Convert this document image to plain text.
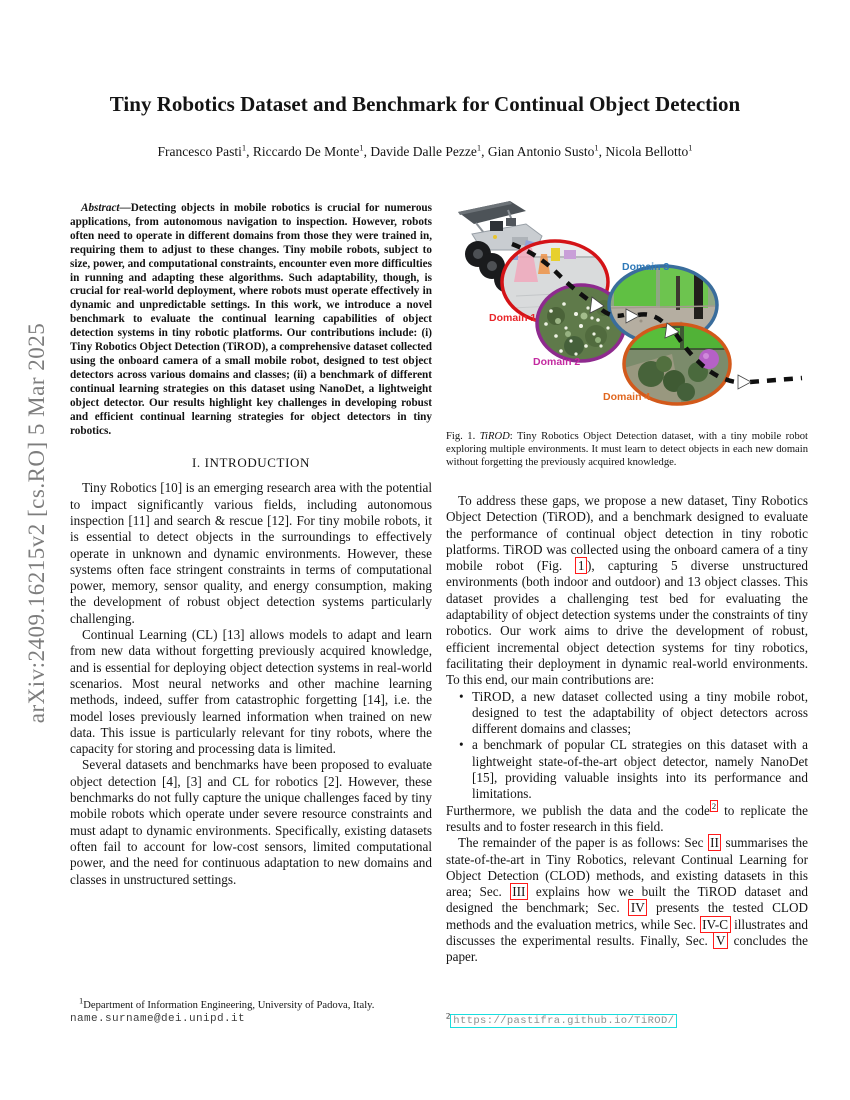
arXiv:2409.16215v2 [cs.RO] 5 Mar 2025
Tiny Robotics Dataset and Benchmark for Continual Object Detection
Francesco Pasti$^1$, Riccardo De Monte$^1$, Davide Dalle Pezze$^1$, Gian Antonio Susto$^1$, Nicola Bellotto$^1$

Abstract—Detecting objects in mobile robotics is crucial for numerous applications, from autonomous navigation to inspection. However, robots often need to operate in different domains from those they were trained in, requiring them to adjust to these changes. Tiny mobile robots, subject to size, power, and computational constraints, encounter even more difficulties in running and adapting these algorithms. Such adaptability, though, is crucial for real-world deployment, where robots must operate effectively in dynamic and unpredictable settings. In this work, we introduce a novel benchmark to evaluate the continual learning capabilities of object detection systems in tiny robotic platforms. Our contributions include: (i) Tiny Robotics Object Detection (TiROD), a comprehensive dataset collected using the onboard camera of a small mobile robot, designed to test object detectors across various domains and classes; (ii) a benchmark of different continual learning strategies on this dataset using NanoDet, a lightweight object detector. Our results highlight key challenges in developing robust and efficient continual learning strategies for object detectors in tiny robotics.

I. INTRODUCTION

Tiny Robotics [10] is an emerging research area with the potential to impact significantly various fields, including autonomous inspection [11] and search & rescue [12]. For tiny mobile robots, it is essential to detect objects in the surroundings to effectively operate in unknown and dynamic environments. However, these systems often face stringent constraints in terms of computational power, memory, sensor quality, and energy consumption, making the development of robust object detection systems particularly challenging.

Continual Learning (CL) [13] allows models to adapt and learn from new data without forgetting previously acquired knowledge, and is essential for deploying object detection systems in real-world scenarios. Most neural networks and other machine learning methods, indeed, suffer from catastrophic forgetting [14], i.e. the model loses previously learned information when trained on new data. This issue is particularly relevant for tiny robots, where the capacity for storing and processing data is limited.

Several datasets and benchmarks have been proposed to evaluate object detection [4], [3] and CL for robotics [2]. However, these benchmarks do not fully capture the unique challenges faced by tiny mobile robots which operate under severe resource constraints and must adapt to dynamic environments. Specifically, existing datasets often fail to account for low-cost sensors, limited computational power, and the need for continuous adaptation to new domains and classes in unstructured settings.

$^1$Department of Information Engineering, University of Padova, Italy.

name.surname@dei.unipd.it
Domain 1
Domain 2
Domain 3
Domain 4
Fig. 1. TiROD: Tiny Robotics Object Detection dataset, with a tiny mobile robot exploring multiple environments. It must learn to detect objects in each new domain without forgetting the previously acquired knowledge.

To address these gaps, we propose a new dataset, Tiny Robotics Object Detection (TiROD), and a benchmark designed to evaluate the performance of continual object detection in tiny robotic platforms. TiROD was collected using the onboard camera of a tiny mobile robot (Fig. 1 ), capturing 5 diverse unstructured environments (both indoor and outdoor) and 13 object classes. This dataset provides a challenging test bed for evaluating the adaptability of object detection systems under the constraints of tiny robotics. Our work aims to drive the development of robust, efficient incremental object detection systems for tiny robotics, facilitating their deployment in dynamic real-world environments. To this end, our main contributions are:

• TiROD, a new dataset collected using a tiny mobile robot, designed to test the adaptability of object detectors across different domains and classes;
• a benchmark of popular CL strategies on this dataset with a lightweight state-of-the-art object detector, namely NanoDet [15], providing valuable insights into its performance and limitations.

Furthermore, we publish the data and the code $^2$ to replicate the results and to foster research in this field.

The remainder of the paper is as follows: Sec II summarises the state-of-the-art in Tiny Robotics, relevant Continual Learning for Object Detection (CLOD) methods, and existing datasets in this area; Sec. III explains how we built the TiROD dataset and designed the benchmark; Sec. IV presents the tested CLOD methods and the evaluation metrics, while Sec. IV-C illustrates and discusses the experimental results. Finally, Sec. V concludes the paper.

$^2$ https://pastifra.github.io/TiROD/
